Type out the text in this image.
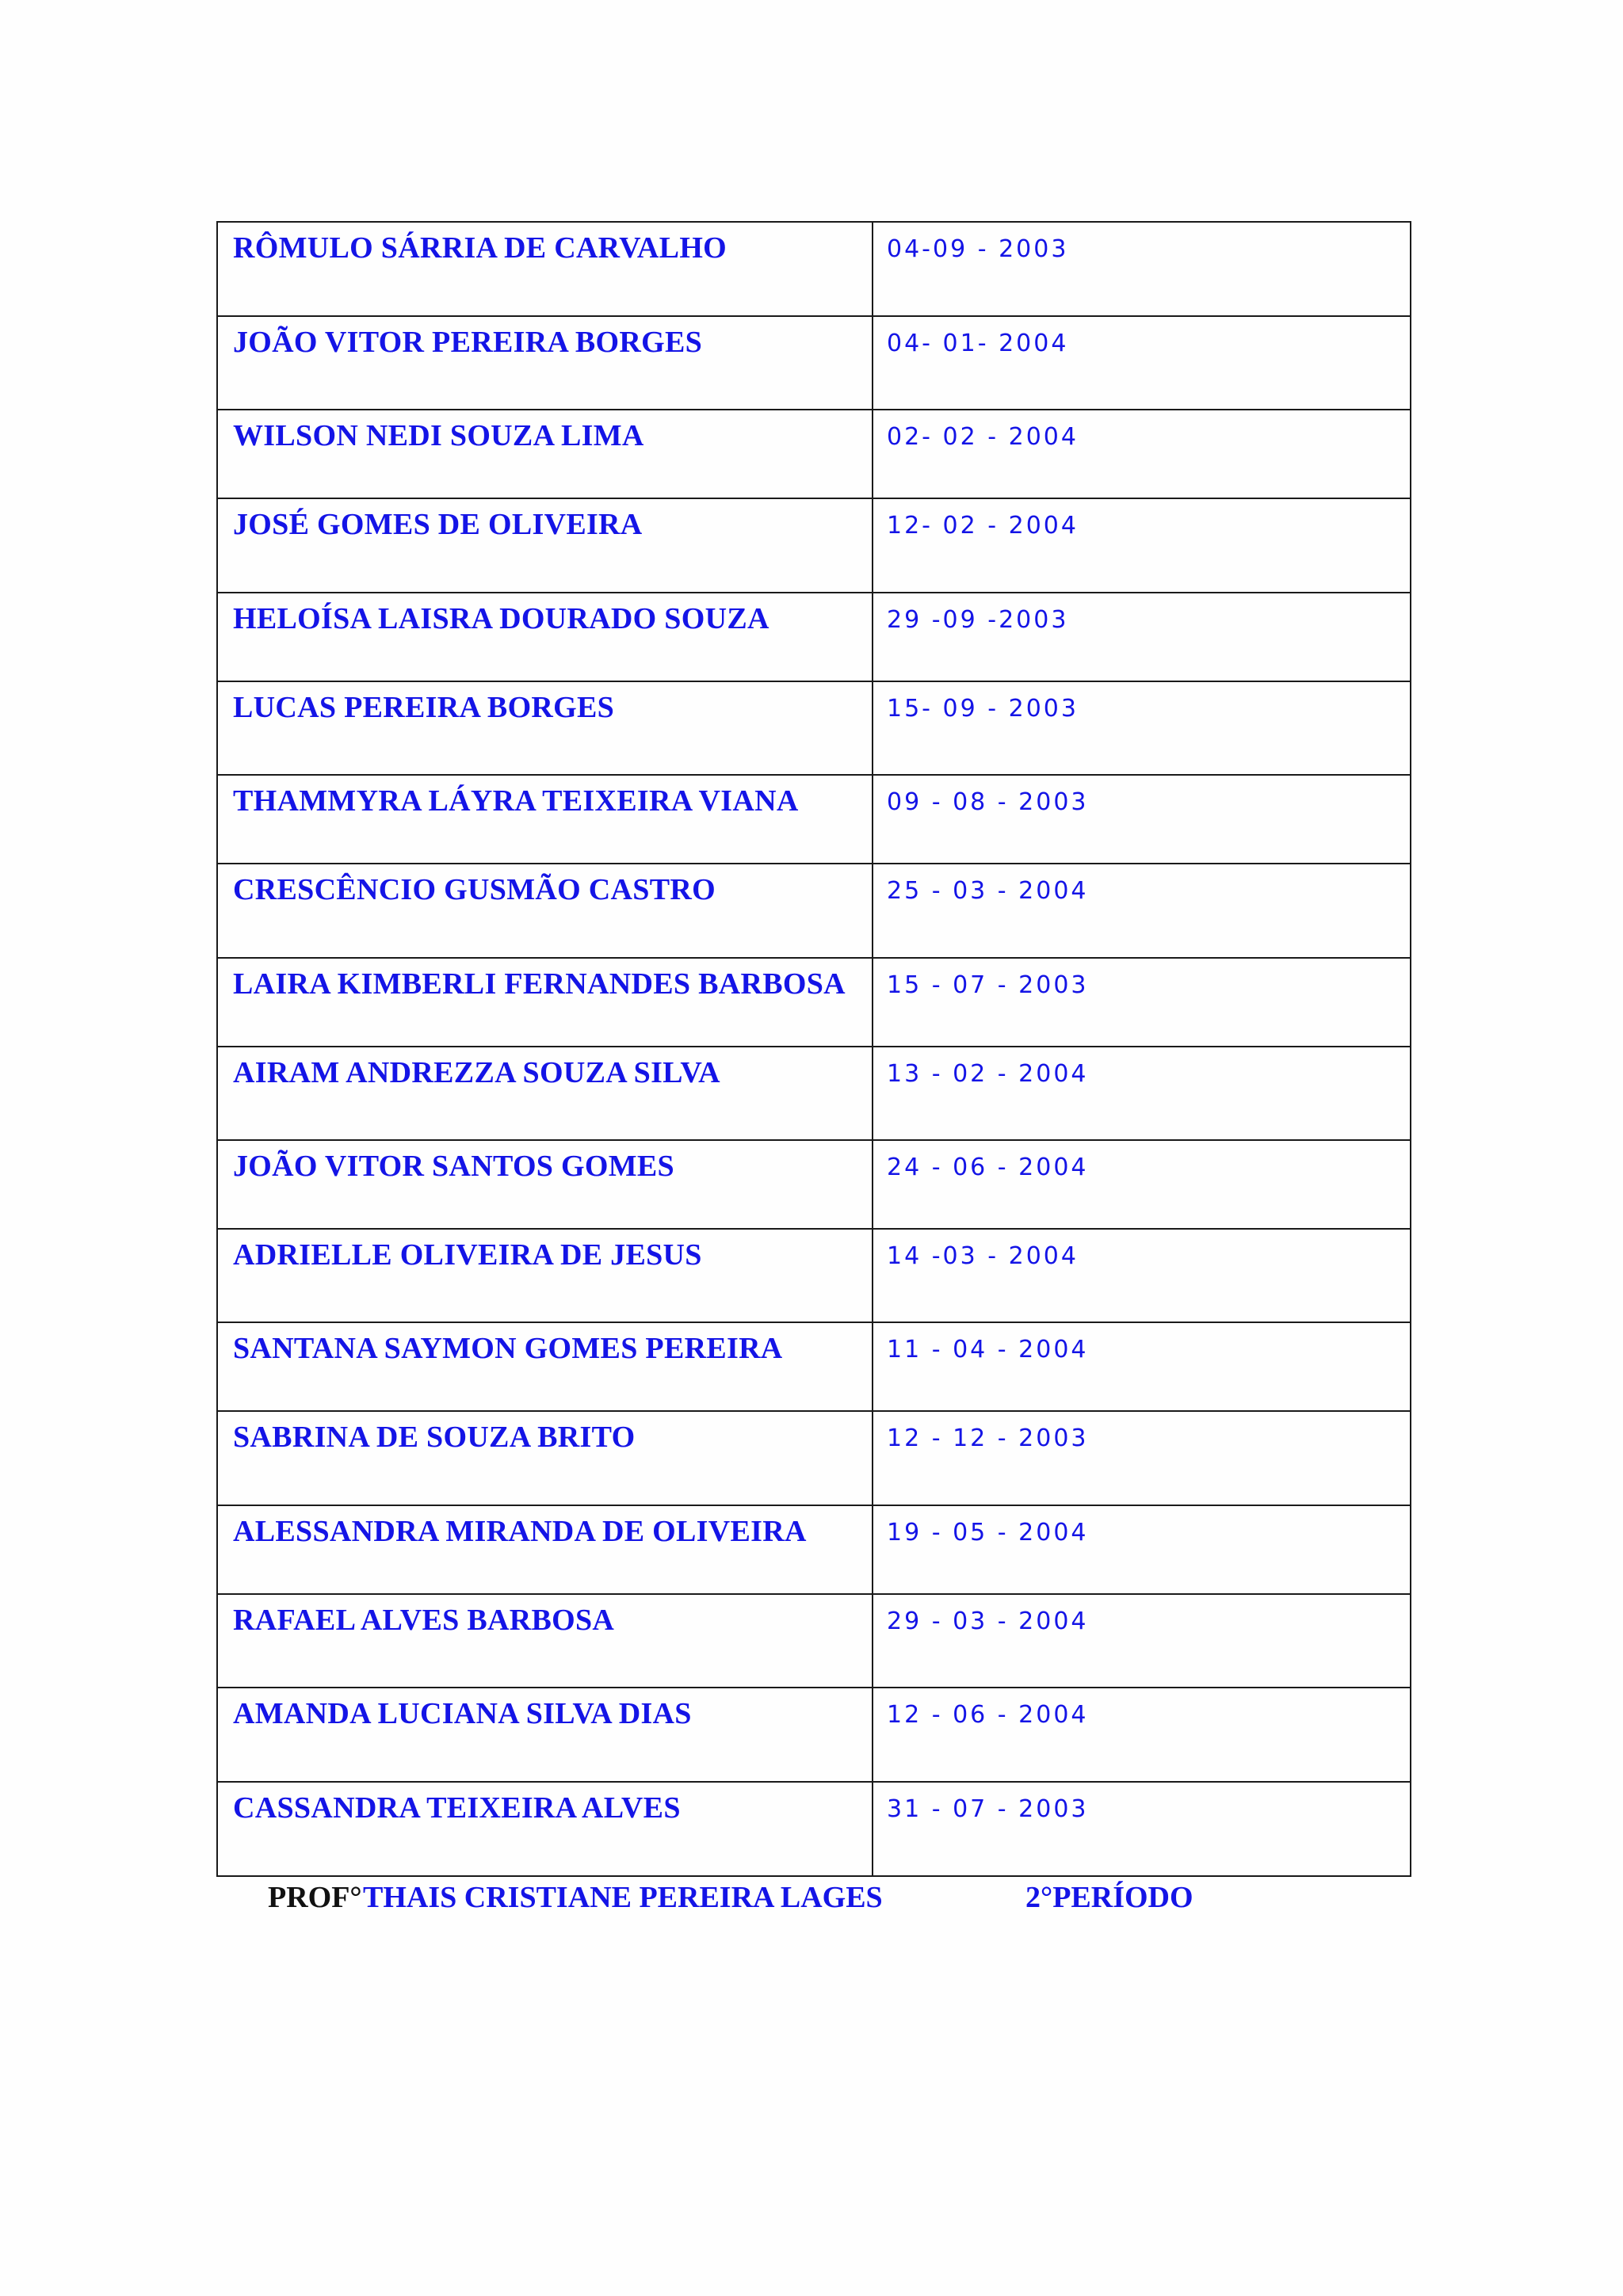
RÔMULO SÁRRIA DE CARVALHO	04-09 - 2003
JOÃO VITOR PEREIRA BORGES	04- 01- 2004
WILSON NEDI SOUZA LIMA	02- 02 - 2004
JOSÉ GOMES DE OLIVEIRA	12- 02 - 2004
HELOÍSA LAISRA DOURADO SOUZA	29 -09 -2003
LUCAS PEREIRA BORGES	15- 09 - 2003
THAMMYRA LÁYRA TEIXEIRA VIANA	09 - 08 - 2003
CRESCÊNCIO GUSMÃO CASTRO	25 - 03 - 2004
LAIRA KIMBERLI FERNANDES BARBOSA	15 - 07 - 2003
AIRAM ANDREZZA SOUZA SILVA	13 - 02 - 2004
JOÃO VITOR SANTOS GOMES	24 - 06 - 2004
ADRIELLE OLIVEIRA DE JESUS	14 -03 - 2004
SANTANA SAYMON GOMES PEREIRA	11 - 04 - 2004
SABRINA DE SOUZA BRITO	12 - 12 - 2003
ALESSANDRA MIRANDA DE OLIVEIRA	19 - 05 - 2004
RAFAEL ALVES BARBOSA	29 - 03 - 2004
AMANDA LUCIANA SILVA DIAS	12 - 06 - 2004
CASSANDRA TEIXEIRA ALVES	31 - 07 - 2003
PROF° THAIS CRISTIANE PEREIRA LAGES	2°PERÍODO
